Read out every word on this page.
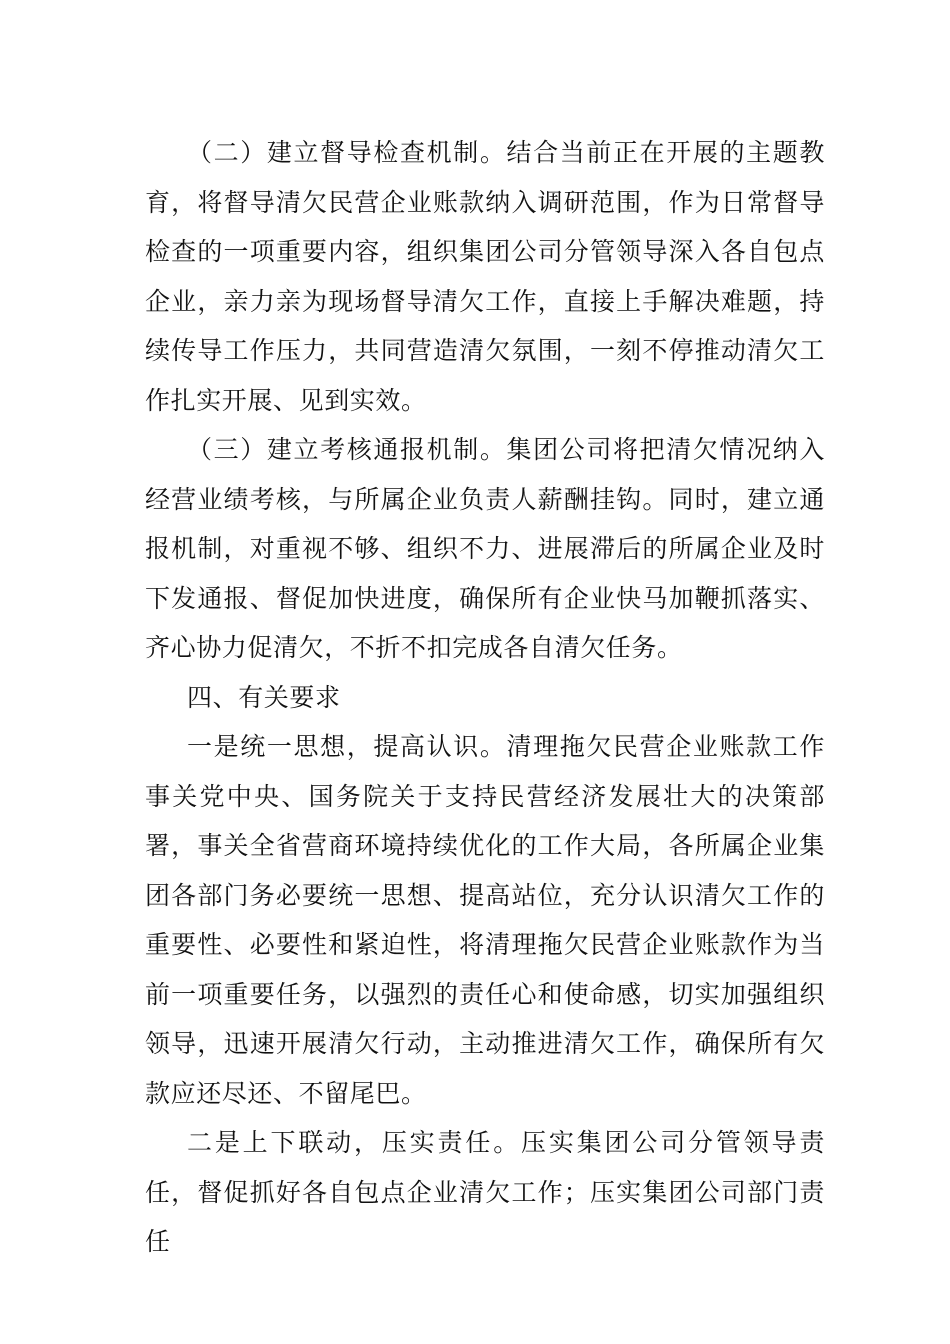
（二）建立督导检查机制。结合当前正在开展的主题教育，将督导清欠民营企业账款纳入调研范围，作为日常督导检查的一项重要内容，组织集团公司分管领导深入各自包点企业，亲力亲为现场督导清欠工作，直接上手解决难题，持续传导工作压力，共同营造清欠氛围，一刻不停推动清欠工作扎实开展、见到实效。

（三）建立考核通报机制。集团公司将把清欠情况纳入经营业绩考核，与所属企业负责人薪酬挂钩。同时，建立通报机制，对重视不够、组织不力、进展滞后的所属企业及时下发通报、督促加快进度，确保所有企业快马加鞭抓落实、齐心协力促清欠，不折不扣完成各自清欠任务。

四、有关要求

一是统一思想，提高认识。清理拖欠民营企业账款工作事关党中央、国务院关于支持民营经济发展壮大的决策部署，事关全省营商环境持续优化的工作大局，各所属企业集团各部门务必要统一思想、提高站位，充分认识清欠工作的重要性、必要性和紧迫性，将清理拖欠民营企业账款作为当前一项重要任务，以强烈的责任心和使命感，切实加强组织领导，迅速开展清欠行动，主动推进清欠工作，确保所有欠款应还尽还、不留尾巴。

二是上下联动，压实责任。压实集团公司分管领导责任，督促抓好各自包点企业清欠工作；压实集团公司部门责任
